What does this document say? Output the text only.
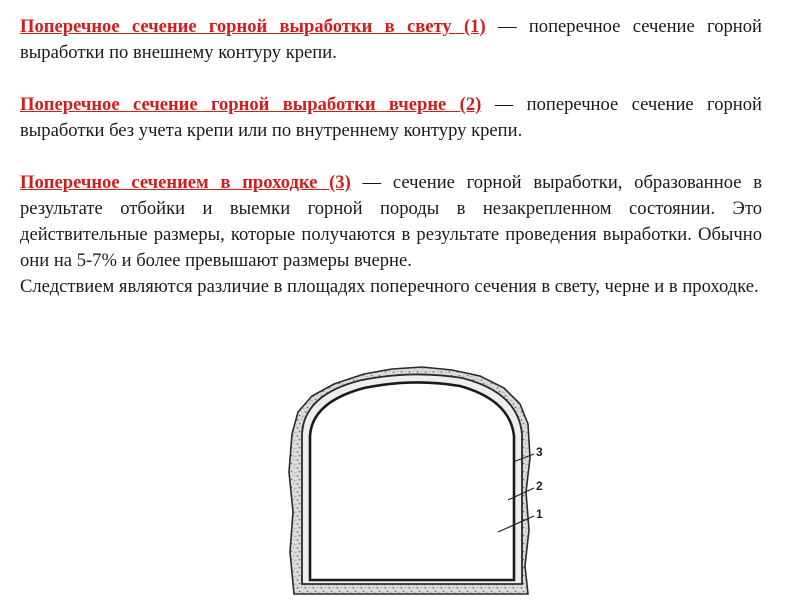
Поперечное сечение горной выработки в свету (1) — поперечное сечение горной выработки по внешнему контуру крепи.

Поперечное сечение горной выработки вчерне (2) — поперечное сечение горной выработки без учета крепи или по внутреннему контуру крепи.

Поперечное сечением в проходке (3) — сечение горной выработки, образованное в результате отбойки и выемки горной породы в незакрепленном состоянии. Это действительные размеры, которые получаются в результате проведения выработки. Обычно они на 5-7% и более превышают размеры вчерне.

Следствием являются различие в площадях поперечного сечения в свету, черне и в проходке.

3
2
1
